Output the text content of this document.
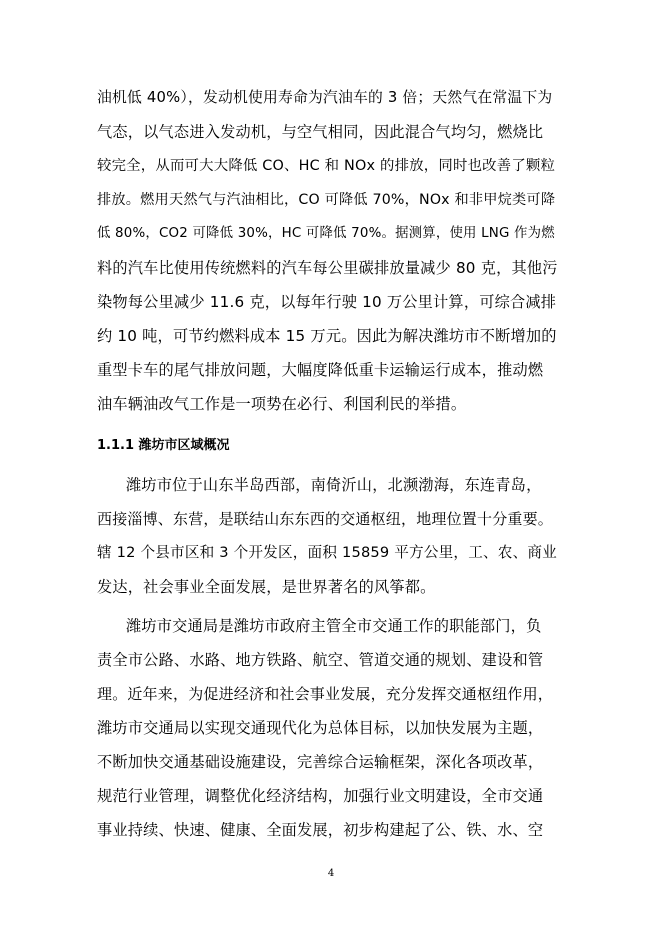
油机低 40%），发动机使用寿命为汽油车的 3 倍；天然气在常温下为
气态，以气态进入发动机，与空气相同，因此混合气均匀，燃烧比
较完全，从而可大大降低 CO、HC 和 NOx 的排放，同时也改善了颗粒
排放。燃用天然气与汽油相比，CO 可降低 70%，NOx 和非甲烷类可降
低 80%，CO2 可降低 30%，HC 可降低 70%。据测算，使用 LNG 作为燃
料的汽车比使用传统燃料的汽车每公里碳排放量减少 80 克，其他污
染物每公里减少 11.6 克，以每年行驶 10 万公里计算，可综合减排
约 10 吨，可节约燃料成本 15 万元。因此为解决潍坊市不断增加的
重型卡车的尾气排放问题，大幅度降低重卡运输运行成本，推动燃
油车辆油改气工作是一项势在必行、利国利民的举措。
1.1.1 潍坊市区域概况
潍坊市位于山东半岛西部，南倚沂山，北濒渤海，东连青岛，
西接淄博、东营，是联结山东东西的交通枢纽，地理位置十分重要。
辖 12 个县市区和 3 个开发区，面积 15859 平方公里，工、农、商业
发达，社会事业全面发展，是世界著名的风筝都。
潍坊市交通局是潍坊市政府主管全市交通工作的职能部门，负
责全市公路、水路、地方铁路、航空、管道交通的规划、建设和管
理。近年来，为促进经济和社会事业发展，充分发挥交通枢纽作用，
潍坊市交通局以实现交通现代化为总体目标，以加快发展为主题，
不断加快交通基础设施建设，完善综合运输框架，深化各项改革，
规范行业管理，调整优化经济结构，加强行业文明建设，全市交通
事业持续、快速、健康、全面发展，初步构建起了公、铁、水、空
4
